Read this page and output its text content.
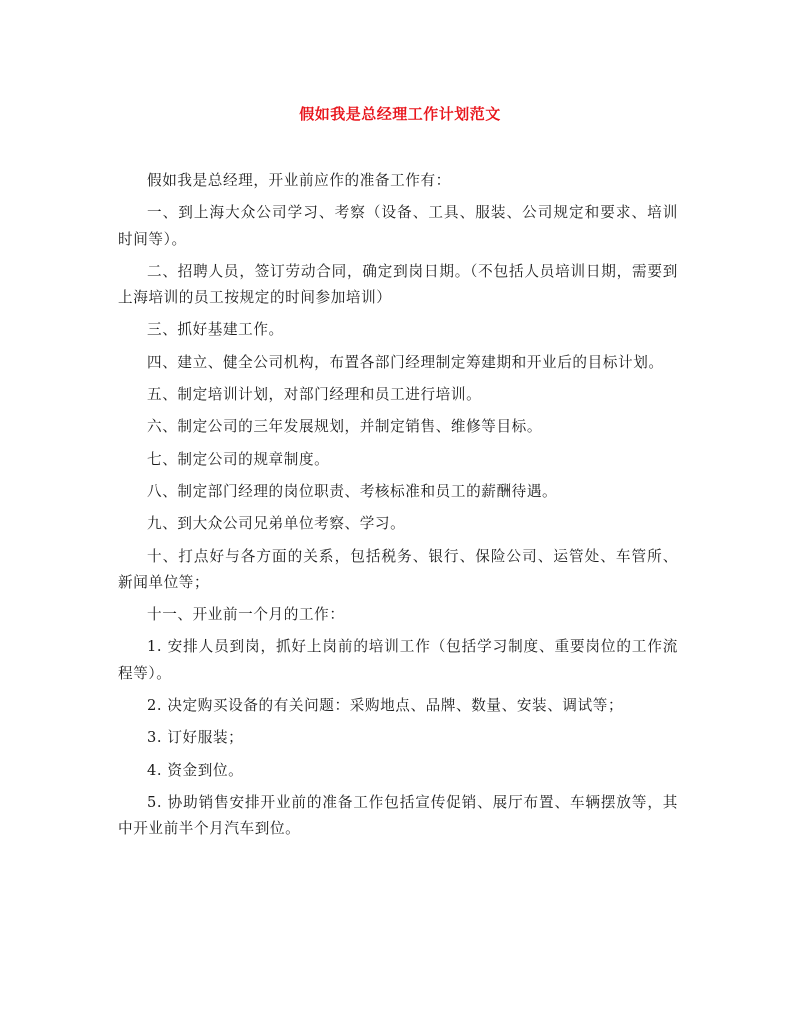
假如我是总经理工作计划范文

假如我是总经理，开业前应作的准备工作有：

一、到上海大众公司学习、考察（设备、工具、服装、公司规定和要求、培训时间等）。

二、招聘人员，签订劳动合同，确定到岗日期。（不包括人员培训日期，需要到上海培训的员工按规定的时间参加培训）

三、抓好基建工作。

四、建立、健全公司机构，布置各部门经理制定筹建期和开业后的目标计划。

五、制定培训计划，对部门经理和员工进行培训。

六、制定公司的三年发展规划，并制定销售、维修等目标。

七、制定公司的规章制度。

八、制定部门经理的岗位职责、考核标准和员工的薪酬待遇。

九、到大众公司兄弟单位考察、学习。

十、打点好与各方面的关系，包括税务、银行、保险公司、运管处、车管所、新闻单位等；

十一、开业前一个月的工作：

1. 安排人员到岗，抓好上岗前的培训工作（包括学习制度、重要岗位的工作流程等）。

2. 决定购买设备的有关问题：采购地点、品牌、数量、安装、调试等；

3. 订好服装；

4. 资金到位。

5. 协助销售安排开业前的准备工作包括宣传促销、展厅布置、车辆摆放等，其中开业前半个月汽车到位。
